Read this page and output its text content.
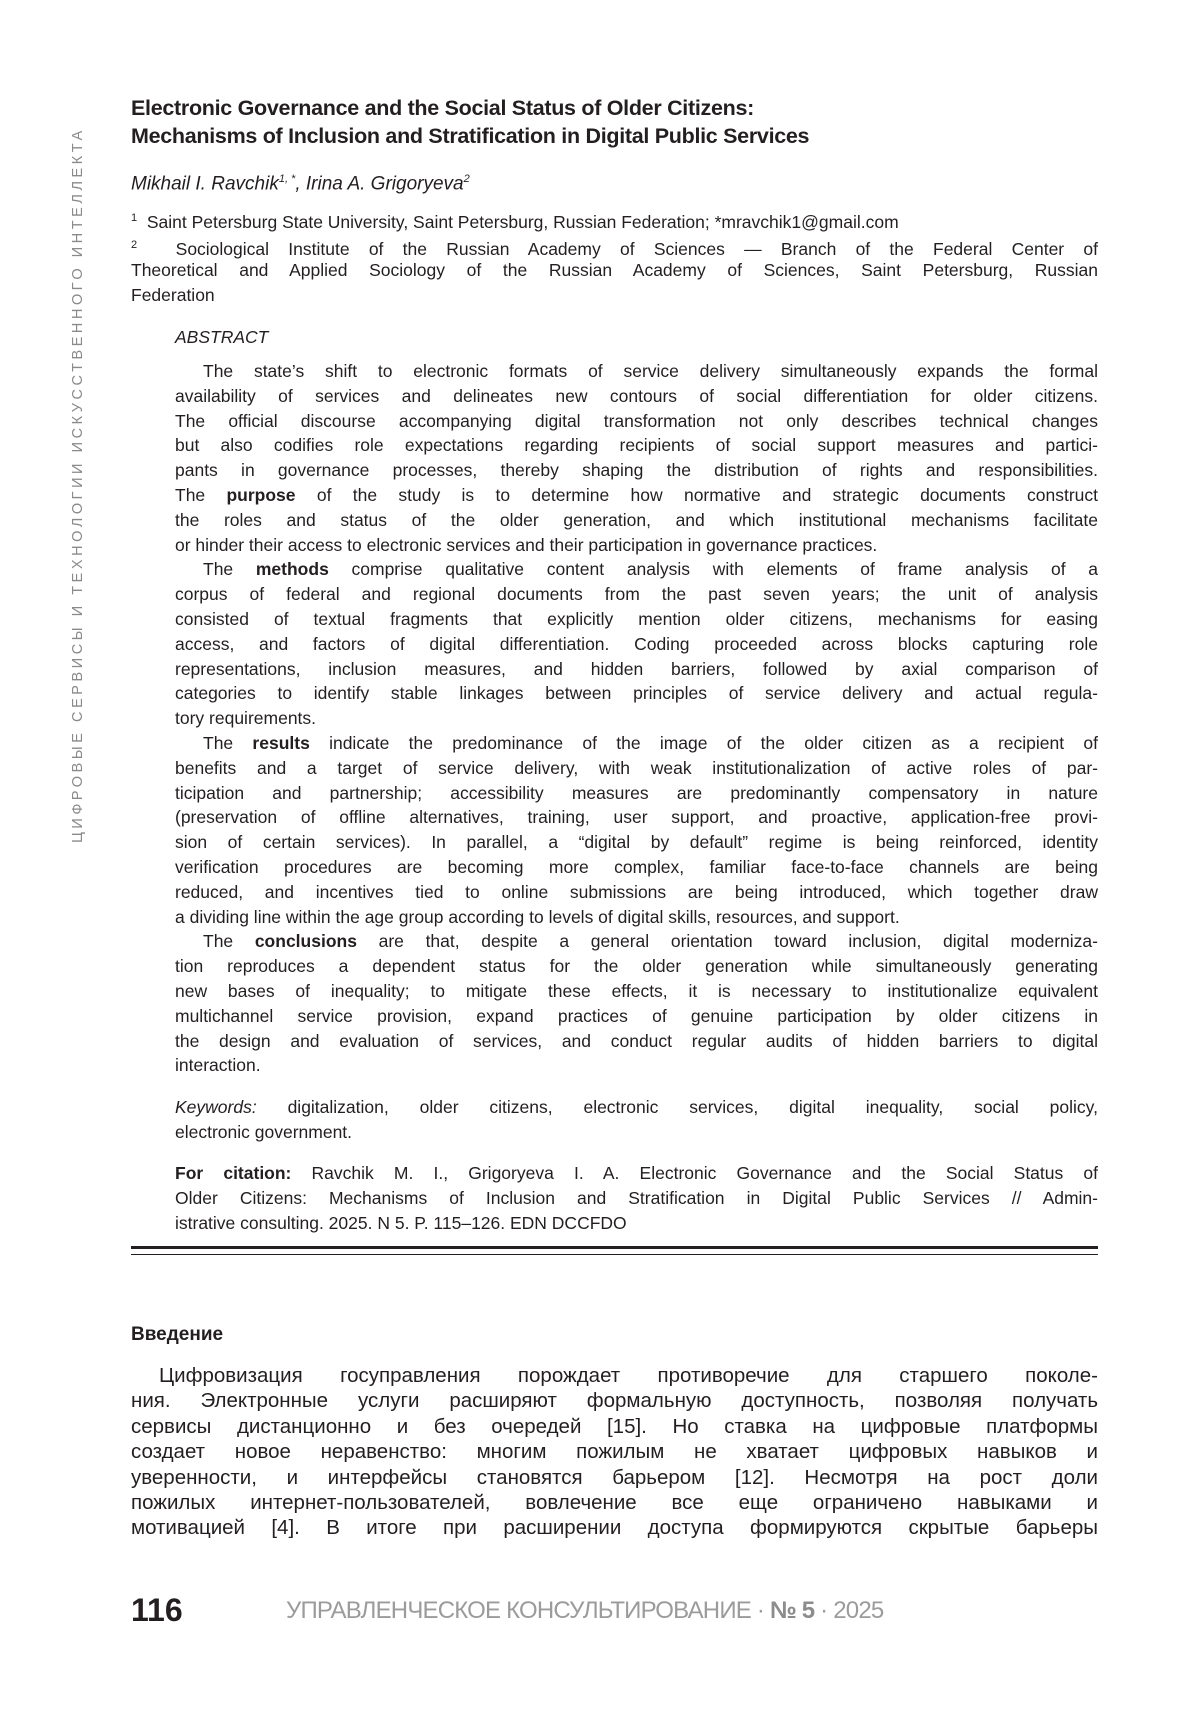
ЦИФРОВЫЕ СЕРВИСЫ И ТЕХНОЛОГИИ ИСКУССТВЕННОГО ИНТЕЛЛЕКТА
Electronic Governance and the Social Status of Older Citizens:
Mechanisms of Inclusion and Stratification in Digital Public Services
Mikhail I. Ravchik1, *, Irina A. Grigoryeva2
1 Saint Petersburg State University, Saint Petersburg, Russian Federation; *mravchik1@gmail.com
2 Sociological Institute of the Russian Academy of Sciences — Branch of the Federal Center of
Theoretical and Applied Sociology of the Russian Academy of Sciences, Saint Petersburg, Russian
Federation
ABSTRACT
The state’s shift to electronic formats of service delivery simultaneously expands the formal
availability of services and delineates new contours of social differentiation for older citizens.
The official discourse accompanying digital transformation not only describes technical changes
but also codifies role expectations regarding recipients of social support measures and partici-
pants in governance processes, thereby shaping the distribution of rights and responsibilities.
The purpose of the study is to determine how normative and strategic documents construct
the roles and status of the older generation, and which institutional mechanisms facilitate
or hinder their access to electronic services and their participation in governance practices.
The methods comprise qualitative content analysis with elements of frame analysis of a
corpus of federal and regional documents from the past seven years; the unit of analysis
consisted of textual fragments that explicitly mention older citizens, mechanisms for easing
access, and factors of digital differentiation. Coding proceeded across blocks capturing role
representations, inclusion measures, and hidden barriers, followed by axial comparison of
categories to identify stable linkages between principles of service delivery and actual regula-
tory requirements.
The results indicate the predominance of the image of the older citizen as a recipient of
benefits and a target of service delivery, with weak institutionalization of active roles of par-
ticipation and partnership; accessibility measures are predominantly compensatory in nature
(preservation of offline alternatives, training, user support, and proactive, application-free provi-
sion of certain services). In parallel, a “digital by default” regime is being reinforced, identity
verification procedures are becoming more complex, familiar face-to-face channels are being
reduced, and incentives tied to online submissions are being introduced, which together draw
a dividing line within the age group according to levels of digital skills, resources, and support.
The conclusions are that, despite a general orientation toward inclusion, digital moderniza-
tion reproduces a dependent status for the older generation while simultaneously generating
new bases of inequality; to mitigate these effects, it is necessary to institutionalize equivalent
multichannel service provision, expand practices of genuine participation by older citizens in
the design and evaluation of services, and conduct regular audits of hidden barriers to digital
interaction.
Keywords: digitalization, older citizens, electronic services, digital inequality, social policy,
electronic government.
For citation: Ravchik M. I., Grigoryeva I. A. Electronic Governance and the Social Status of
Older Citizens: Mechanisms of Inclusion and Stratification in Digital Public Services // Admin-
istrative consulting. 2025. N 5. P. 115–126. EDN DCCFDO
Введение
Цифровизация госуправления порождает противоречие для старшего поколе-
ния. Электронные услуги расширяют формальную доступность, позволяя получать
сервисы дистанционно и без очередей [15]. Но ставка на цифровые платформы
создает новое неравенство: многим пожилым не хватает цифровых навыков и
уверенности, и интерфейсы становятся барьером [12]. Несмотря на рост доли
пожилых интернет-пользователей, вовлечение все еще ограничено навыками и
мотивацией [4]. В итоге при расширении доступа формируются скрытые барьеры
116	УПРАВЛЕНЧЕСКОЕ КОНСУЛЬТИРОВАНИЕ · № 5 · 2025
